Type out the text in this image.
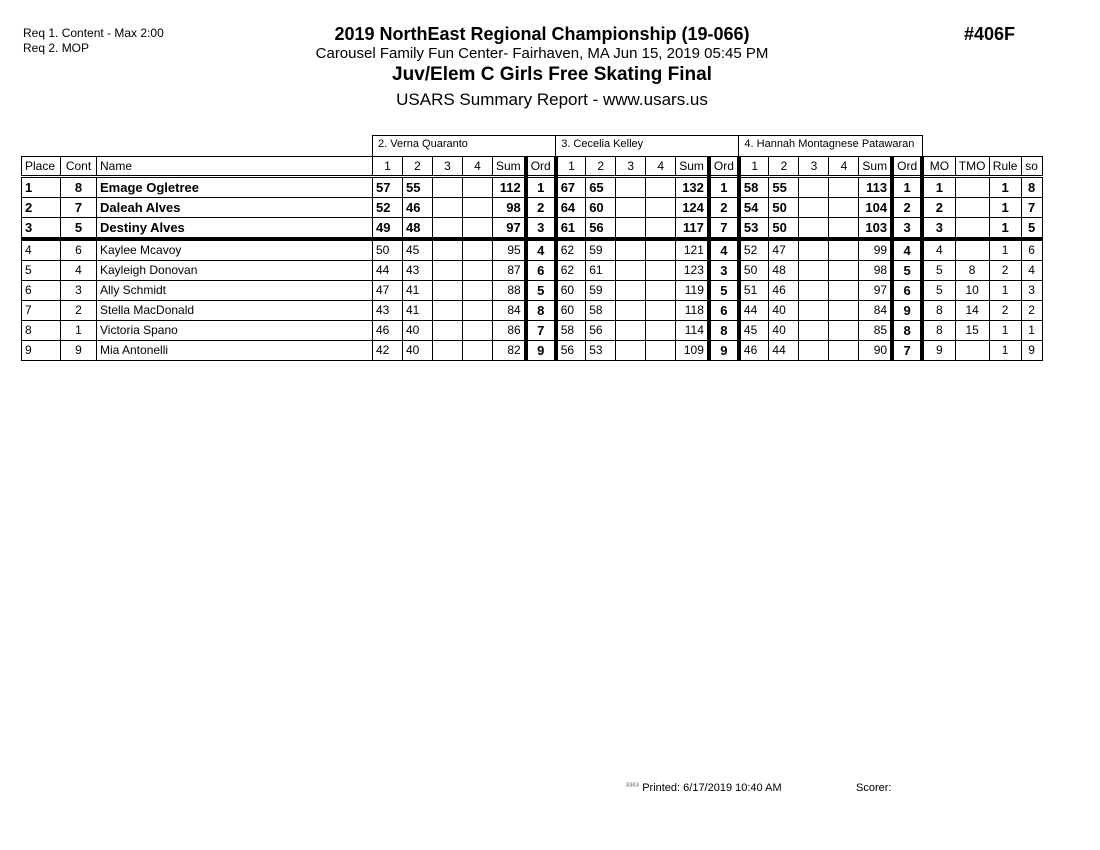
Req 1. Content - Max 2:00
Req 2. MOP
2019 NorthEast Regional Championship (19-066)
Carousel Family Fun Center- Fairhaven, MA Jun 15, 2019 05:45 PM
Juv/Elem C Girls Free Skating Final
USARS Summary Report - www.usars.us
#406F
			2. Verna Quaranto						3. Cecelia Kelley						4. Hannah Montagnese Patawaran									
Place	Cont	Name	1	2	3	4	Sum	Ord	1	2	3	4	Sum	Ord	1	2	3	4	Sum	Ord	MO	TMO	Rule	so
1	8	Emage Ogletree	57	55			112	1	67	65			132	1	58	55			113	1	1		1	8
2	7	Daleah Alves	52	46			98	2	64	60			124	2	54	50			104	2	2		1	7
3	5	Destiny Alves	49	48			97	3	61	56			117	7	53	50			103	3	3		1	5
4	6	Kaylee Mcavoy	50	45			95	4	62	59			121	4	52	47			99	4	4		1	6
5	4	Kayleigh Donovan	44	43			87	6	62	61			123	3	50	48			98	5	5	8	2	4
6	3	Ally Schmidt	47	41			88	5	60	59			119	5	51	46			97	6	5	10	1	3
7	2	Stella MacDonald	43	41			84	8	60	58			118	6	44	40			84	9	8	14	2	2
8	1	Victoria Spano	46	40			86	7	58	56			114	8	45	40			85	8	8	15	1	1
9	9	Mia Antonelli	42	40			82	9	56	53			109	9	46	44			90	7	9		1	9
$^{3303}$ Printed: 6/17/2019 10:40 AM	Scorer:
